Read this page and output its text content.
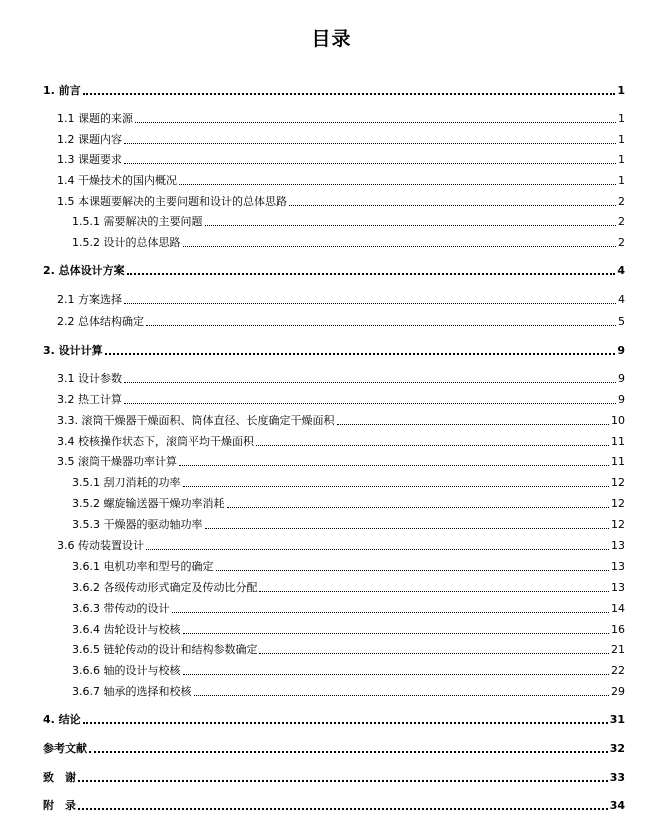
目录
1. 前言	1
1.1 课题的来源	1
1.2 课题内容	1
1.3 课题要求	1
1.4 干燥技术的国内概况	1
1.5 本课题要解决的主要问题和设计的总体思路	2
1.5.1 需要解决的主要问题	2
1.5.2 设计的总体思路	2
2. 总体设计方案	4
2.1 方案选择	4
2.2 总体结构确定	5
3. 设计计算	9
3.1 设计参数	9
3.2 热工计算	9
3.3. 滚筒干燥器干燥面积、筒体直径、长度确定干燥面积	10
3.4 校核操作状态下，滚筒平均干燥面积	11
3.5 滚筒干燥器功率计算	11
3.5.1 刮刀消耗的功率	12
3.5.2 螺旋输送器干燥功率消耗	12
3.5.3 干燥器的驱动轴功率	12
3.6 传动装置设计	13
3.6.1 电机功率和型号的确定	13
3.6.2 各级传动形式确定及传动比分配	13
3.6.3 带传动的设计	14
3.6.4 齿轮设计与校核	16
3.6.5 链轮传动的设计和结构参数确定	21
3.6.6 轴的设计与校核	22
3.6.7 轴承的选择和校核	29
4. 结论	31
参考文献	32
致　谢	33
附　录	34
